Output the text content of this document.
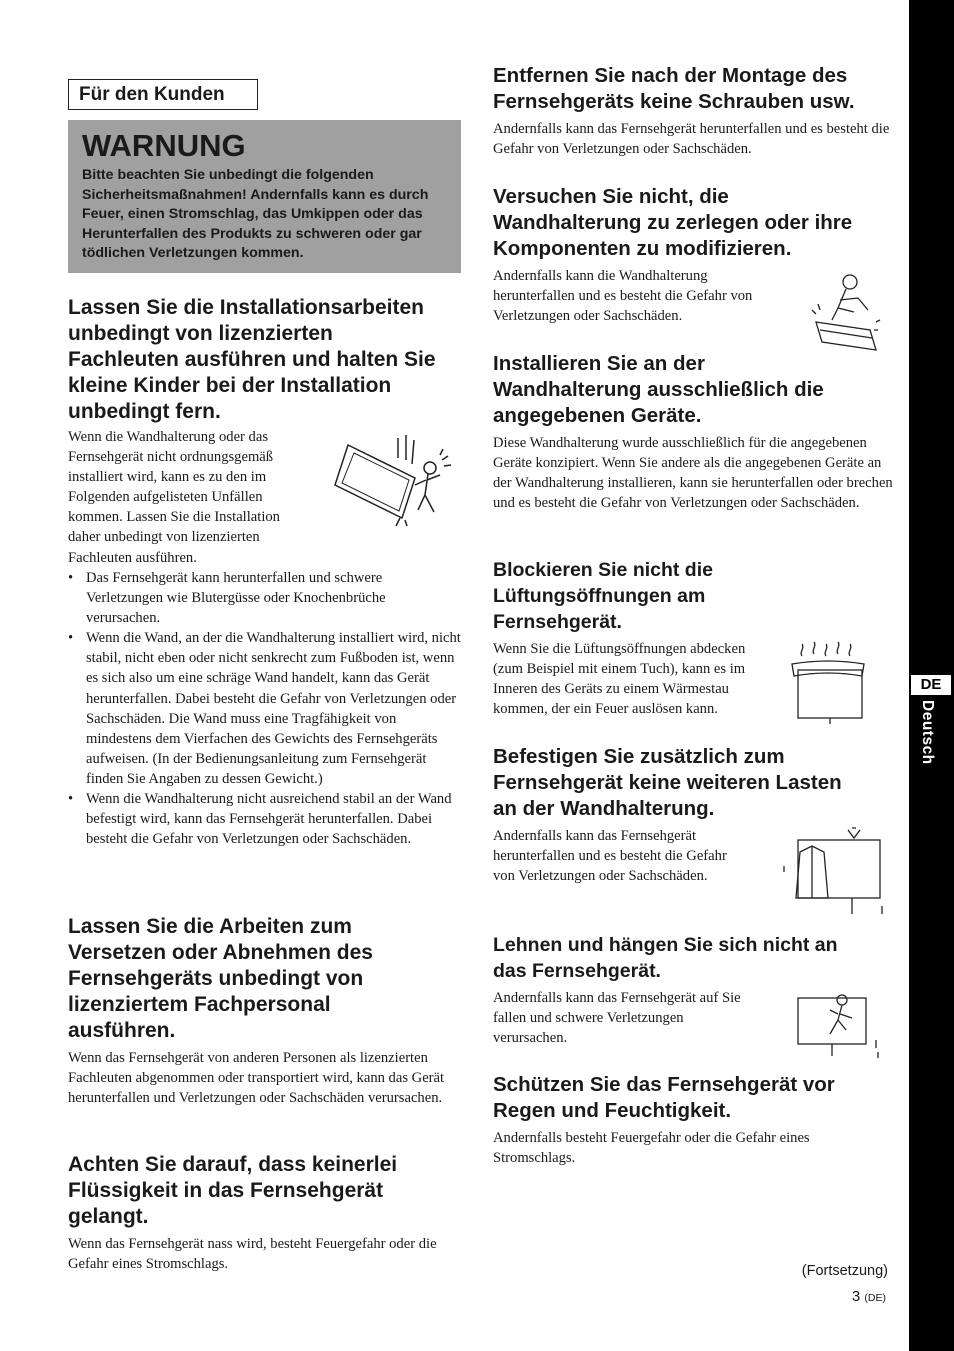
Für den Kunden
WARNUNG
Bitte beachten Sie unbedingt die folgenden Sicherheitsmaßnahmen! Andernfalls kann es durch Feuer, einen Stromschlag, das Umkippen oder das Herunterfallen des Produkts zu schweren oder gar tödlichen Verletzungen kommen.
Lassen Sie die Installationsarbeiten
unbedingt von lizenzierten
Fachleuten ausführen und halten Sie
kleine Kinder bei der Installation
unbedingt fern.
Wenn die Wandhalterung oder das
Fernsehgerät nicht ordnungsgemäß
installiert wird, kann es zu den im
Folgenden aufgelisteten Unfällen
kommen. Lassen Sie die Installation
daher unbedingt von lizenzierten
Fachleuten ausführen.
• Das Fernsehgerät kann herunterfallen und schwere Verletzungen wie Blutergüsse oder Knochenbrüche verursachen.
• Wenn die Wand, an der die Wandhalterung installiert wird, nicht stabil, nicht eben oder nicht senkrecht zum Fußboden ist, wenn es sich also um eine schräge Wand handelt, kann das Gerät herunterfallen. Dabei besteht die Gefahr von Verletzungen oder Sachschäden. Die Wand muss eine Tragfähigkeit von mindestens dem Vierfachen des Gewichts des Fernsehgeräts aufweisen. (In der Bedienungsanleitung zum Fernsehgerät finden Sie Angaben zu dessen Gewicht.)
• Wenn die Wandhalterung nicht ausreichend stabil an der Wand befestigt wird, kann das Fernsehgerät herunterfallen. Dabei besteht die Gefahr von Verletzungen oder Sachschäden.
Lassen Sie die Arbeiten zum
Versetzen oder Abnehmen des
Fernsehgeräts unbedingt von
lizenziertem Fachpersonal
ausführen.

Wenn das Fernsehgerät von anderen Personen als lizenzierten Fachleuten abgenommen oder transportiert wird, kann das Gerät herunterfallen und Verletzungen oder Sachschäden verursachen.

Achten Sie darauf, dass keinerlei
Flüssigkeit in das Fernsehgerät
gelangt.

Wenn das Fernsehgerät nass wird, besteht Feuergefahr oder die Gefahr eines Stromschlags.

Entfernen Sie nach der Montage des
Fernsehgeräts keine Schrauben usw.

Andernfalls kann das Fernsehgerät herunterfallen und es besteht die Gefahr von Verletzungen oder Sachschäden.

Versuchen Sie nicht, die
Wandhalterung zu zerlegen oder ihre
Komponenten zu modifizieren.
Andernfalls kann die Wandhalterung
herunterfallen und es besteht die Gefahr von
Verletzungen oder Sachschäden.
Installieren Sie an der
Wandhalterung ausschließlich die
angegebenen Geräte.

Diese Wandhalterung wurde ausschließlich für die angegebenen Geräte konzipiert. Wenn Sie andere als die angegebenen Geräte an der Wandhalterung installieren, kann sie herunterfallen oder brechen und es besteht die Gefahr von Verletzungen oder Sachschäden.

Blockieren Sie nicht die
Lüftungsöffnungen am
Fernsehgerät.
Wenn Sie die Lüftungsöffnungen abdecken
(zum Beispiel mit einem Tuch), kann es im
Inneren des Geräts zu einem Wärmestau
kommen, der ein Feuer auslösen kann.
Befestigen Sie zusätzlich zum
Fernsehgerät keine weiteren Lasten
an der Wandhalterung.
Andernfalls kann das Fernsehgerät
herunterfallen und es besteht die Gefahr
von Verletzungen oder Sachschäden.
Lehnen und hängen Sie sich nicht an
das Fernsehgerät.
Andernfalls kann das Fernsehgerät auf Sie
fallen und schwere Verletzungen
verursachen.
Schützen Sie das Fernsehgerät vor
Regen und Feuchtigkeit.

Andernfalls besteht Feuergefahr oder die Gefahr eines Stromschlags.

DE
Deutsch
(Fortsetzung)
3 (DE)
